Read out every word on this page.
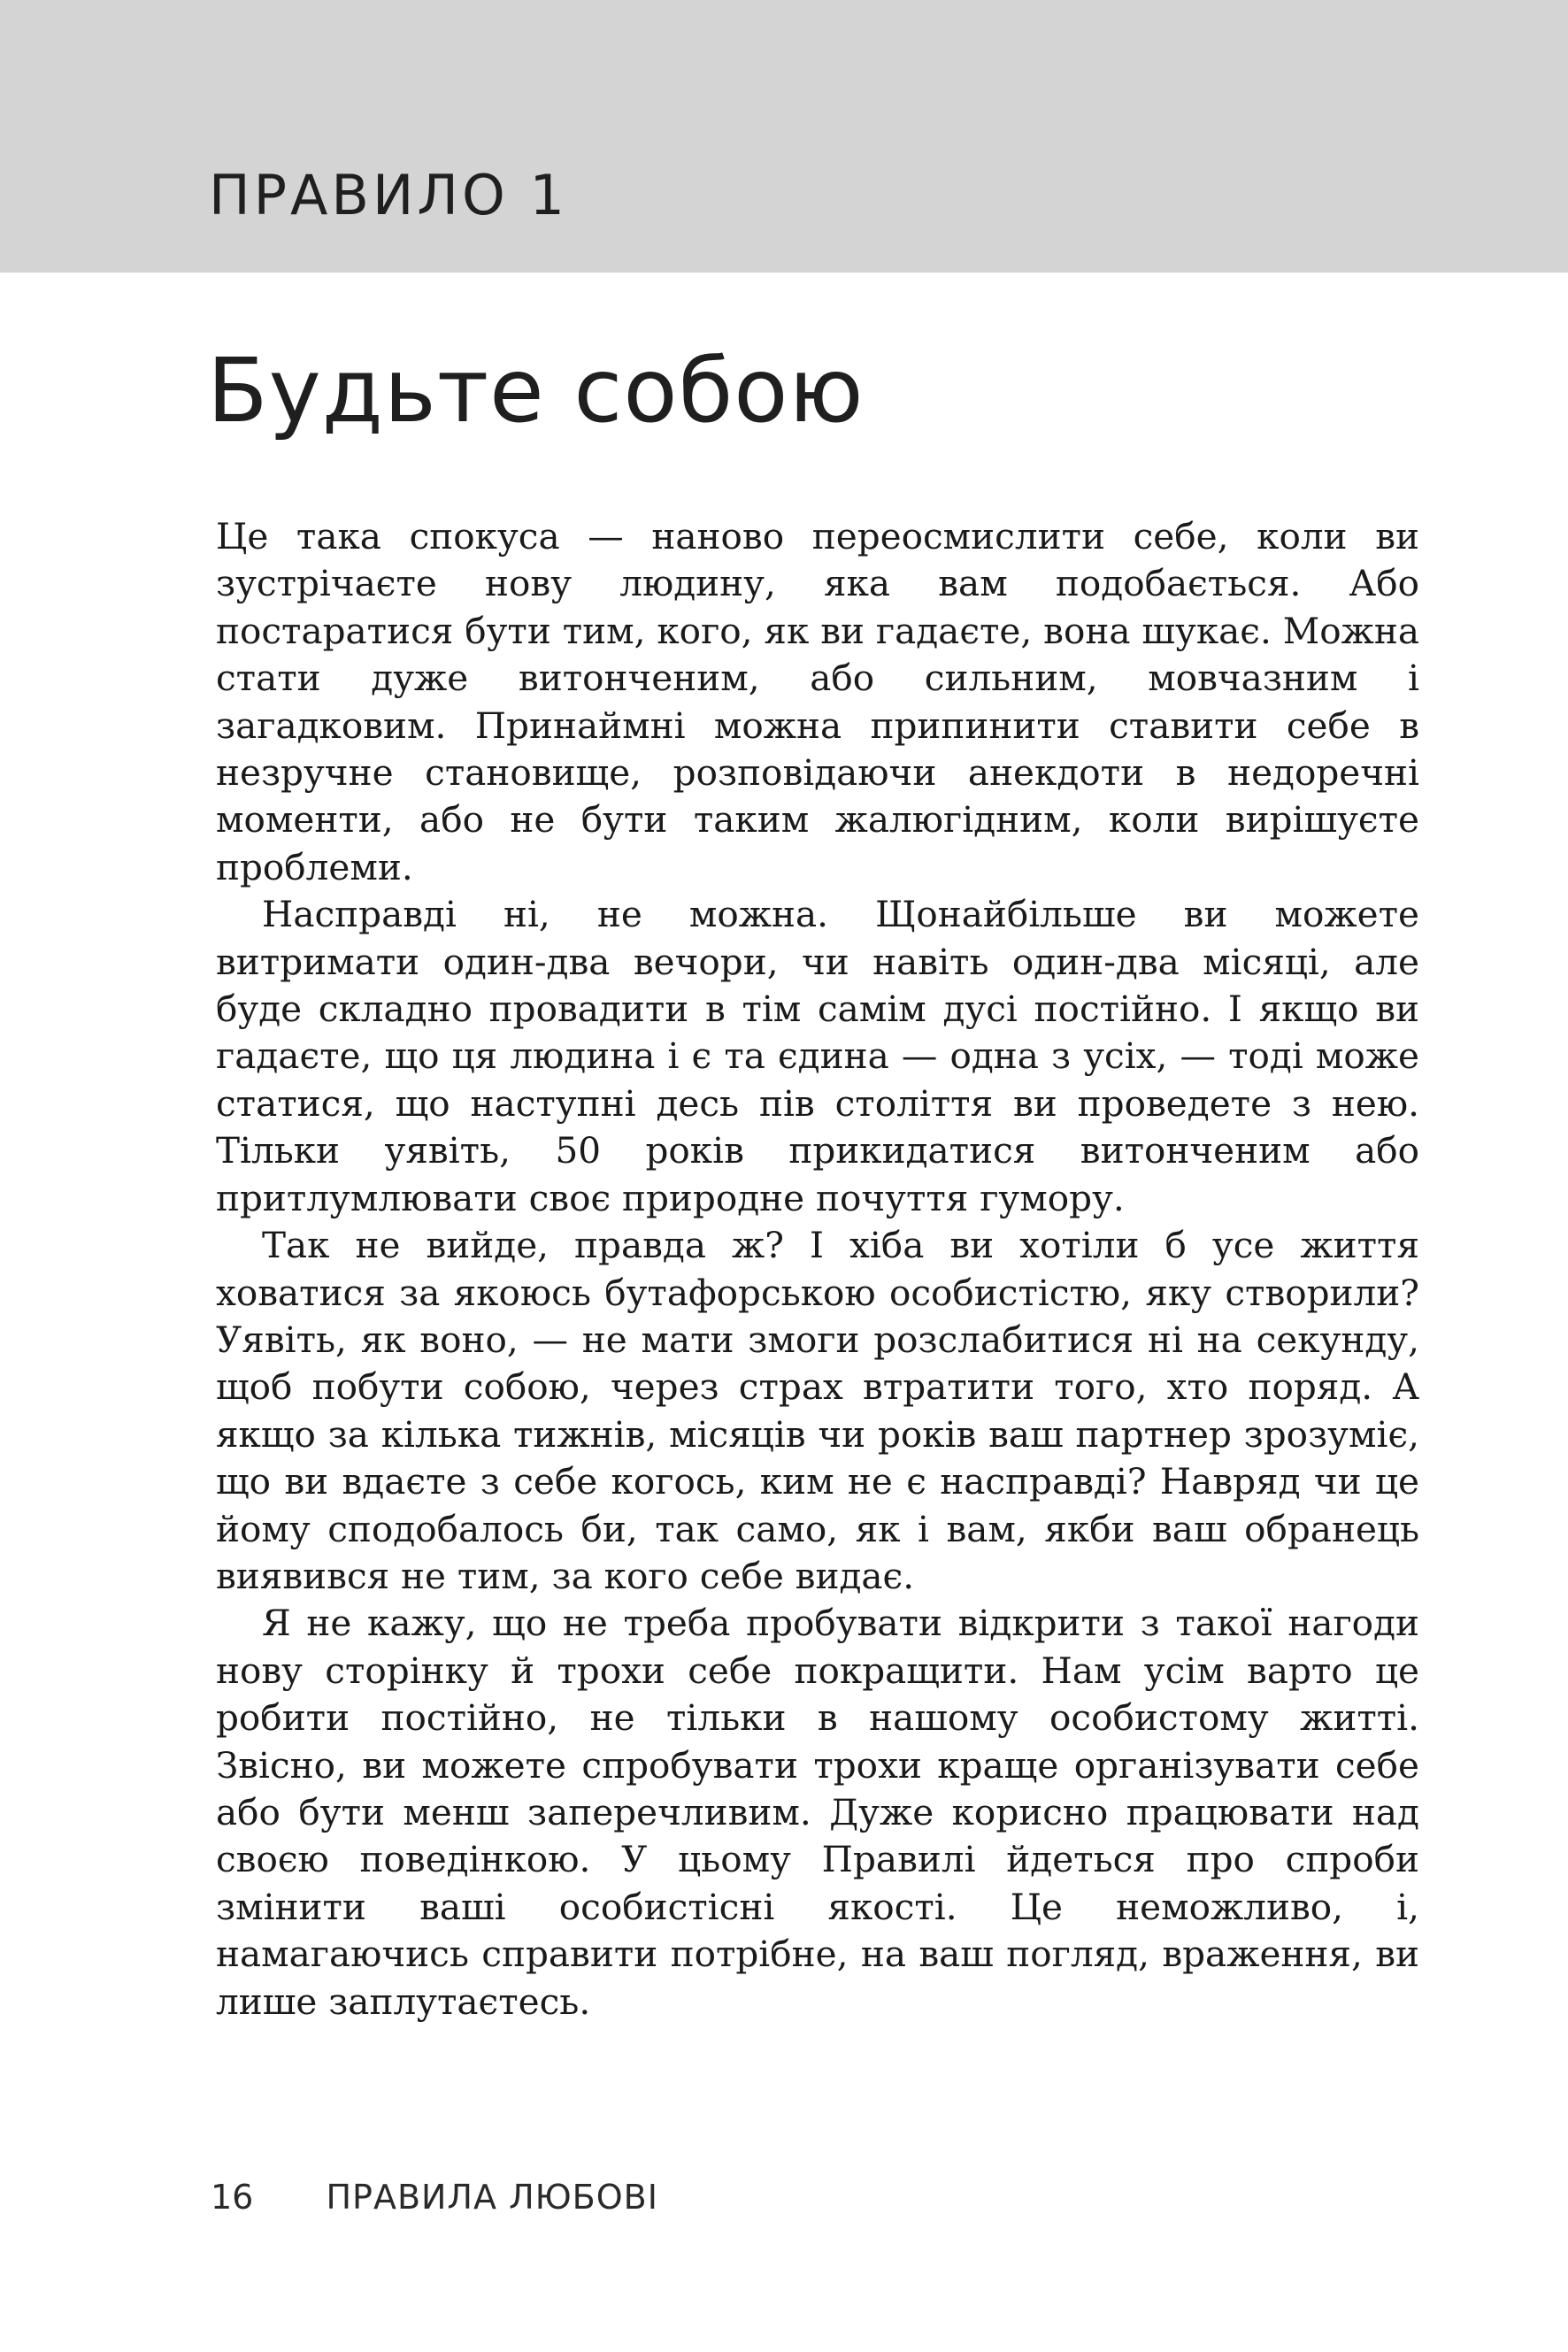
ПРАВИЛО 1
Будьте собою

Це така спокуса — наново переосмислити себе, коли ви зустрічаєте нову людину, яка вам подобається. Або постаратися бути тим, кого, як ви гадаєте, вона шукає. Можна стати дуже витонченим, або сильним, мовчазним і загадковим. Принаймні можна припинити ставити себе в незручне становище, розповідаючи анекдоти в недоречні моменти, або не бути таким жалюгідним, коли вирішуєте проблеми.

Насправді ні, не можна. Щонайбільше ви можете витримати один-два вечори, чи навіть один-два місяці, але буде складно провадити в тім самім дусі постійно. І якщо ви гадаєте, що ця людина і є та єдина — одна з усіх, — тоді може статися, що наступні десь пів століття ви проведете з нею. Тільки уявіть, 50 років прикидатися витонченим або притлумлювати своє природне почуття гумору.

Так не вийде, правда ж? І хіба ви хотіли б усе життя ховатися за якоюсь бутафорською особистістю, яку створили? Уявіть, як воно, — не мати змоги розслабитися ні на секунду, щоб побути собою, через страх втратити того, хто поряд. А якщо за кілька тижнів, місяців чи років ваш партнер зрозуміє, що ви вдаєте з себе когось, ким не є насправді? Навряд чи це йому сподобалось би, так само, як і вам, якби ваш обранець виявився не тим, за кого себе видає.

Я не кажу, що не треба пробувати відкрити з такої нагоди нову сторінку й трохи себе покращити. Нам усім варто це робити постійно, не тільки в нашому особистому житті. Звісно, ви можете спробувати трохи краще організувати себе або бути менш заперечливим. Дуже корисно працювати над своєю поведінкою. У цьому Правилі йдеться про спроби змінити ваші особистісні якості. Це неможливо, і, намагаючись справити потрібне, на ваш погляд, враження, ви лише заплутаєтесь.

16 ПРАВИЛА ЛЮБОВІ
